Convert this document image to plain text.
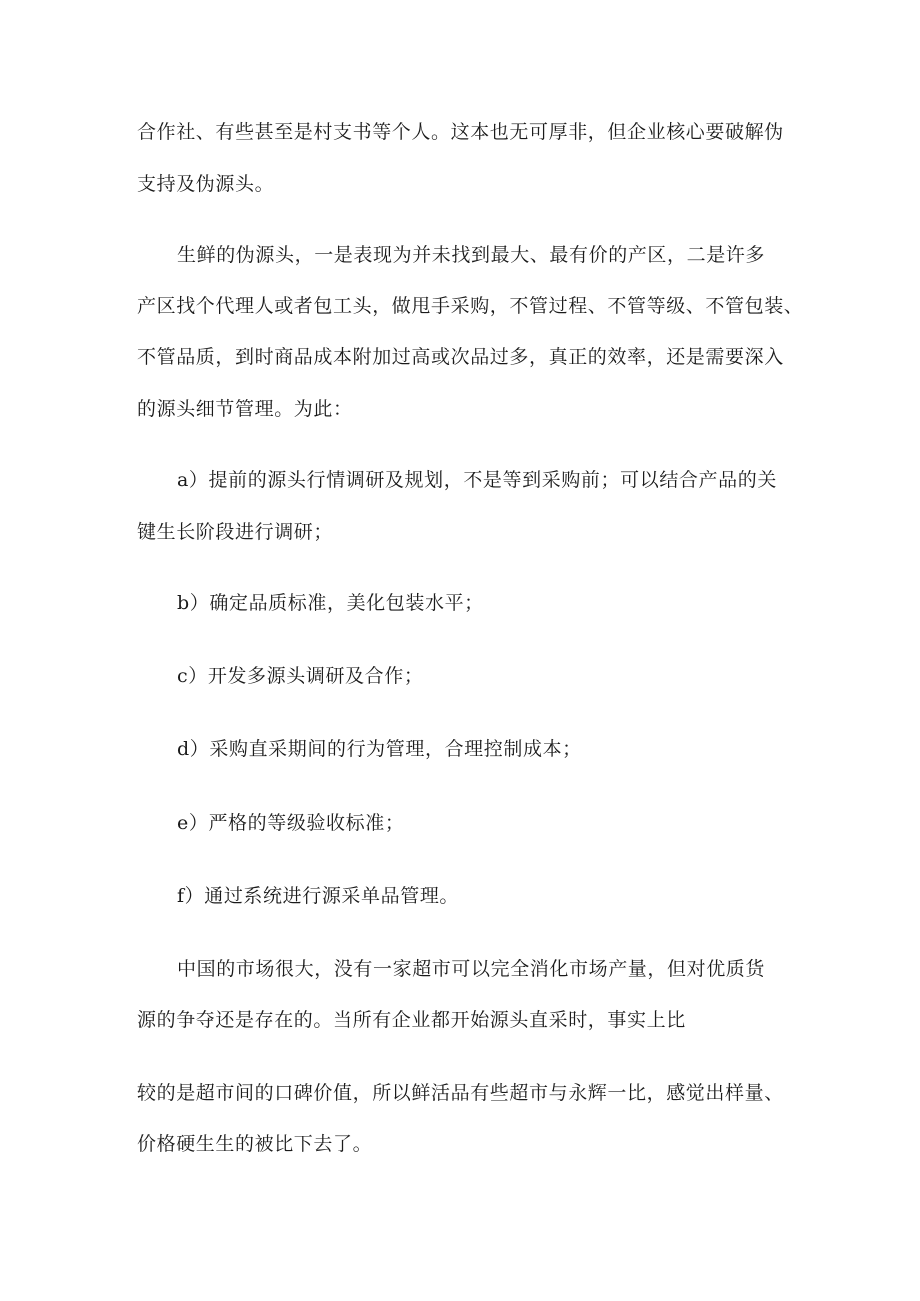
合作社、有些甚至是村支书等个人。这本也无可厚非，但企业核心要破解伪
支持及伪源头。
生鲜的伪源头，一是表现为并未找到最大、最有价的产区，二是许多
产区找个代理人或者包工头，做甩手采购，不管过程、不管等级、不管包装、
不管品质，到时商品成本附加过高或次品过多，真正的效率，还是需要深入
的源头细节管理。为此：
a）提前的源头行情调研及规划，不是等到采购前；可以结合产品的关
键生长阶段进行调研；
b）确定品质标准，美化包装水平；
c）开发多源头调研及合作；
d）采购直采期间的行为管理，合理控制成本；
e）严格的等级验收标准；
f）通过系统进行源采单品管理。
中国的市场很大，没有一家超市可以完全消化市场产量，但对优质货
源的争夺还是存在的。当所有企业都开始源头直采时，事实上比
较的是超市间的口碑价值，所以鲜活品有些超市与永辉一比，感觉出样量、
价格硬生生的被比下去了。
